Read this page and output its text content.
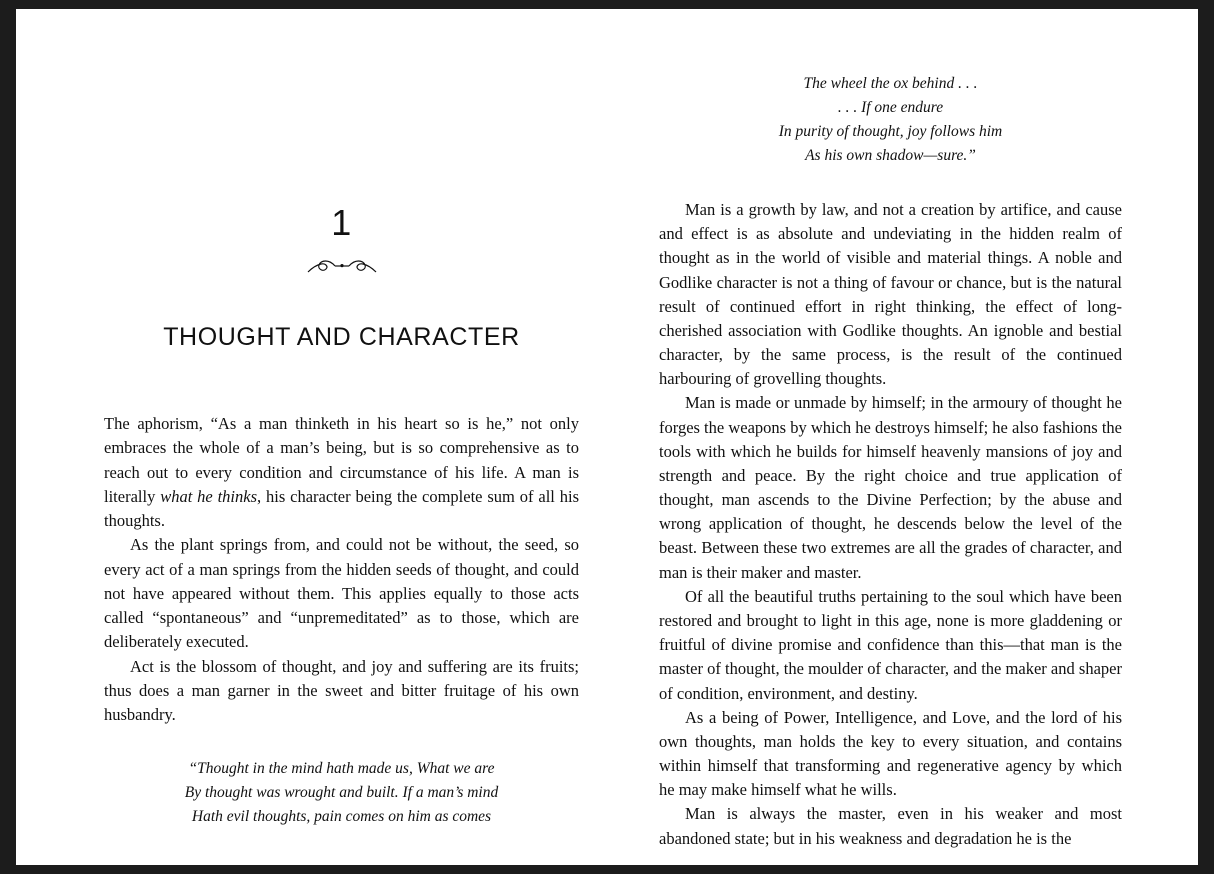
1
THOUGHT AND CHARACTER

The aphorism, “As a man thinketh in his heart so is he,” not only embraces the whole of a man’s being, but is so comprehensive as to reach out to every condition and circumstance of his life. A man is literally what he thinks, his character being the complete sum of all his thoughts.

As the plant springs from, and could not be without, the seed, so every act of a man springs from the hidden seeds of thought, and could not have appeared without them. This applies equally to those acts called “spontaneous” and “unpremeditated” as to those, which are deliberately executed.

Act is the blossom of thought, and joy and suffering are its fruits; thus does a man garner in the sweet and bitter fruitage of his own husbandry.

“Thought in the mind hath made us, What we are
By thought was wrought and built. If a man’s mind
Hath evil thoughts, pain comes on him as comes
The wheel the ox behind . . .
. . . If one endure
In purity of thought, joy follows him
As his own shadow—sure.”

Man is a growth by law, and not a creation by artifice, and cause and effect is as absolute and undeviating in the hidden realm of thought as in the world of visible and material things. A noble and Godlike character is not a thing of favour or chance, but is the natural result of continued effort in right thinking, the effect of long-cherished association with Godlike thoughts. An ignoble and bestial character, by the same process, is the result of the continued harbouring of grovelling thoughts.

Man is made or unmade by himself; in the armoury of thought he forges the weapons by which he destroys himself; he also fashions the tools with which he builds for himself heavenly mansions of joy and strength and peace. By the right choice and true application of thought, man ascends to the Divine Perfection; by the abuse and wrong application of thought, he descends below the level of the beast. Between these two extremes are all the grades of character, and man is their maker and master.

Of all the beautiful truths pertaining to the soul which have been restored and brought to light in this age, none is more gladdening or fruitful of divine promise and confidence than this—that man is the master of thought, the moulder of character, and the maker and shaper of condition, environment, and destiny.

As a being of Power, Intelligence, and Love, and the lord of his own thoughts, man holds the key to every situation, and contains within himself that transforming and regenerative agency by which he may make himself what he wills.

Man is always the master, even in his weaker and most abandoned state; but in his weakness and degradation he is the
